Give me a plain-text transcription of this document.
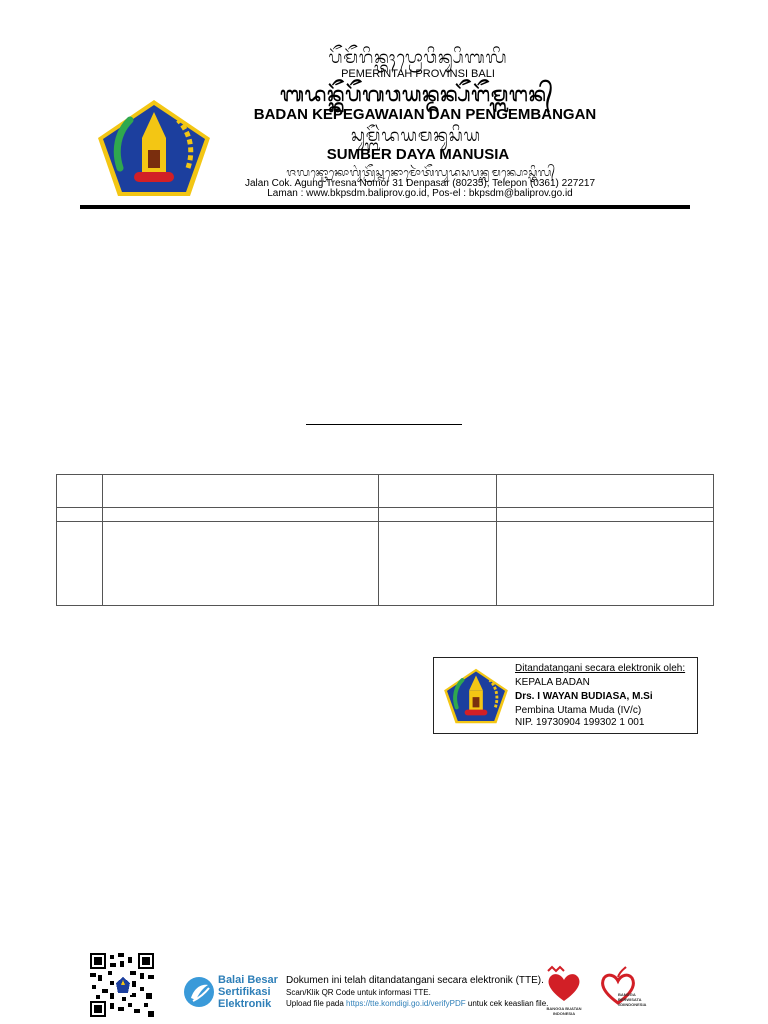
ᬧᭂᬫᭂᬭᬶᬦ᭄ᬢᬄᬧ᭄ᬭᭀᬯᬶᬦ᭄ᬲᬶᬩᬮᬶ
PEMERINTAH PROVINSI BALI
ᬩᬤᬦ᭄ᬓᭂᬧᭂᬕᬯᬬᬦ᭄ᬤᬦ᭄ᬧᭂᬗᭂᬫ᭄ᬩᬗᬦ᭄
BADAN KEPEGAWAIAN DAN PENGEMBANGAN
ᬲᬸᬫ᭄ᬩᭂᬃᬤᬬᬫᬦᬸᬲᬶᬬ
SUMBER DAYA MANUSIA
ᬚᬮᬦ᭄ᬘᭀᬓᭀᬕᬸᬂᬢ᭄ᬭᭂᬲ᭄ᬦᬦᭀᬫᭀᬃᬢᭂᬮᬸᬤᬲᬧᬦ᭄ᬮᬫᬦ᭄ᬧᭀᬲ᭄ᬢᬶᬮ᭄
Jalan Cok. Agung Tresna Nomor 31 Denpasar (80235), Telepon (0361) 227217
Laman : www.bkpsdm.baliprov.go.id, Pos-el : bkpsdm@baliprov.go.id

Ditandatangani secara elektronik oleh:
KEPALA BADAN
Drs. I WAYAN BUDIASA, M.Si
Pembina Utama Muda (IV/c)
NIP. 19730904 199302 1 001
Balai Besar
Sertifikasi
Elektronik
Dokumen ini telah ditandatangani secara elektronik (TTE).
Scan/Klik QR Code untuk informasi TTE.
Upload file pada https://tte.komdigi.go.id/verifyPDF untuk cek keaslian file.
BANGGA BUATAN INDONESIA
BANGGA BERWISATA #DIINDONESIA
